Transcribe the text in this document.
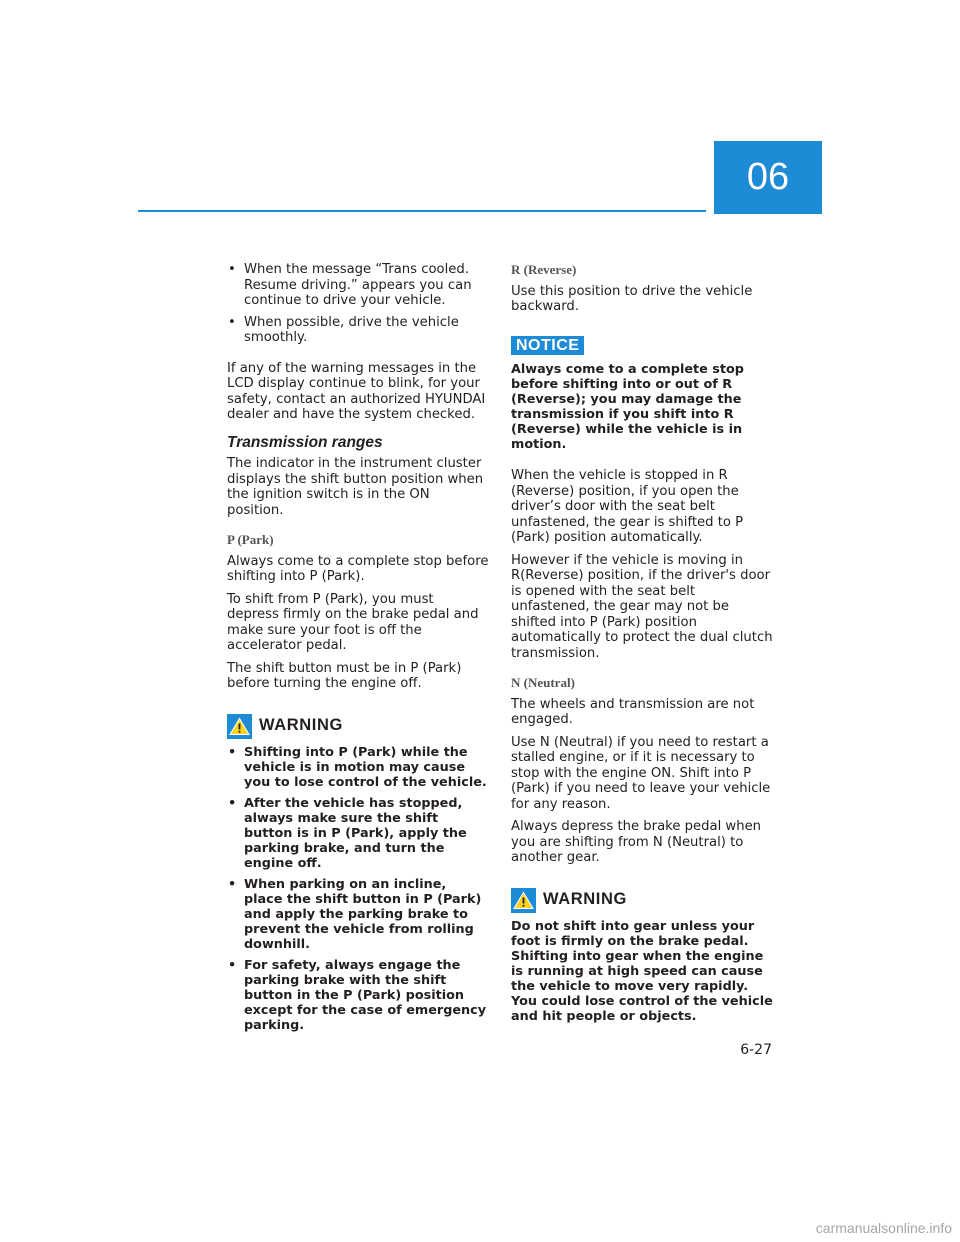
06
• When the message “Trans cooled. Resume driving.” appears you can continue to drive your vehicle.
• When possible, drive the vehicle smoothly.

If any of the warning messages in the LCD display continue to blink, for your safety, contact an authorized HYUNDAI dealer and have the system checked.

Transmission ranges

The indicator in the instrument cluster displays the shift button position when the ignition switch is in the ON position.

P (Park)

Always come to a complete stop before shifting into P (Park).

To shift from P (Park), you must depress firmly on the brake pedal and make sure your foot is off the accelerator pedal.

The shift button must be in P (Park) before turning the engine off.

WARNING
• Shifting into P (Park) while the vehicle is in motion may cause you to lose control of the vehicle.
• After the vehicle has stopped, always make sure the shift button is in P (Park), apply the parking brake, and turn the engine off.
• When parking on an incline, place the shift button in P (Park) and apply the parking brake to prevent the vehicle from rolling downhill.
• For safety, always engage the parking brake with the shift button in the P (Park) position except for the case of emergency parking.
R (Reverse)

Use this position to drive the vehicle backward.

NOTICE
Always come to a complete stop before shifting into or out of R (Reverse); you may damage the transmission if you shift into R (Reverse) while the vehicle is in motion.

When the vehicle is stopped in R (Reverse) position, if you open the driver’s door with the seat belt unfastened, the gear is shifted to P (Park) position automatically.

However if the vehicle is moving in R(Reverse) position, if the driver's door is opened with the seat belt unfastened, the gear may not be shifted into P (Park) position automatically to protect the dual clutch transmission.

N (Neutral)

The wheels and transmission are not engaged.

Use N (Neutral) if you need to restart a stalled engine, or if it is necessary to stop with the engine ON. Shift into P (Park) if you need to leave your vehicle for any reason.

Always depress the brake pedal when you are shifting from N (Neutral) to another gear.

WARNING
Do not shift into gear unless your foot is firmly on the brake pedal. Shifting into gear when the engine is running at high speed can cause the vehicle to move very rapidly. You could lose control of the vehicle and hit people or objects.
6-27
carmanualsonline.info
